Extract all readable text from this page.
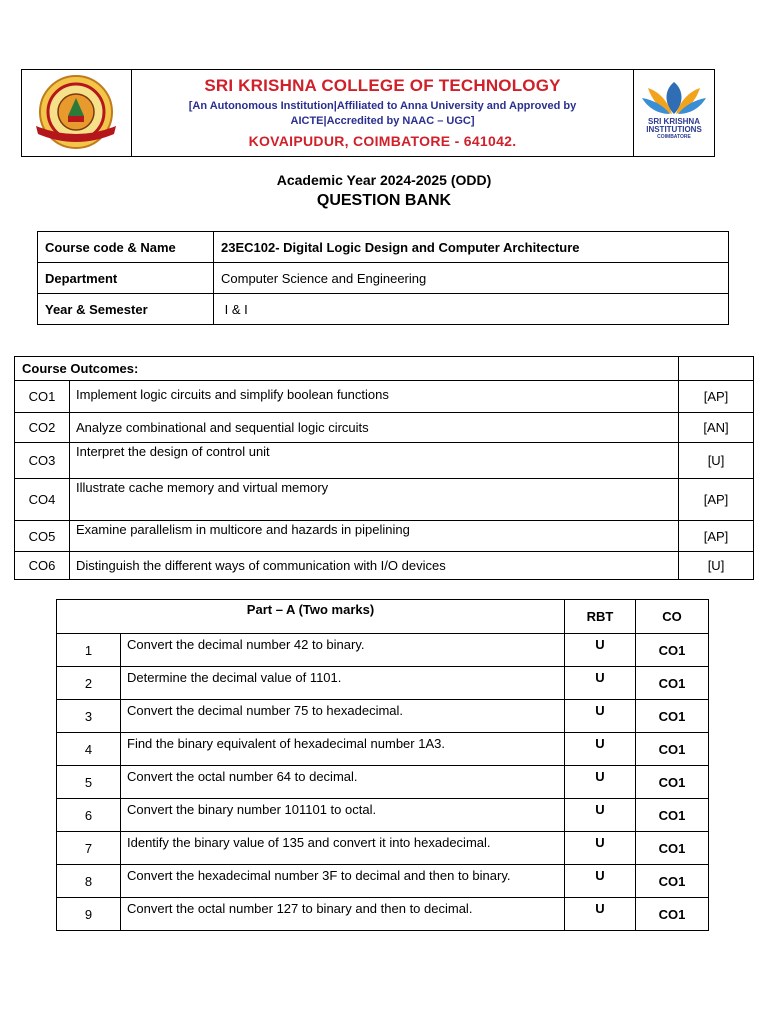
SRI KRISHNA COLLEGE OF TECHNOLOGY
[An Autonomous Institution|Affiliated to Anna University and Approved by
AICTE|Accredited by NAAC – UGC]
KOVAIPUDUR, COIMBATORE - 641042.
SRI KRISHNA
INSTITUTIONS
COIMBATORE
Academic Year 2024-2025 (ODD)
QUESTION BANK
Course code & Name	23EC102- Digital Logic Design and Computer Architecture
Department	Computer Science and Engineering
Year & Semester	I & I
Course Outcomes:		
CO1	Implement logic circuits and simplify boolean functions	[AP]
CO2	Analyze combinational and sequential logic circuits	[AN]
CO3	Interpret the design of control unit	[U]
CO4	Illustrate cache memory and virtual memory	[AP]
CO5	Examine parallelism in multicore and hazards in pipelining	[AP]
CO6	Distinguish the different ways of communication with I/O devices	[U]
Part – A (Two marks)		RBT	CO
1	Convert the decimal number 42 to binary.	U	CO1
2	Determine the decimal value of 1101.	U	CO1
3	Convert the decimal number 75 to hexadecimal.	U	CO1
4	Find the binary equivalent of hexadecimal number 1A3.	U	CO1
5	Convert the octal number 64 to decimal.	U	CO1
6	Convert the binary number 101101 to octal.	U	CO1
7	Identify the binary value of 135 and convert it into hexadecimal.	U	CO1
8	Convert the hexadecimal number 3F to decimal and then to binary.	U	CO1
9	Convert the octal number 127 to binary and then to decimal.	U	CO1
